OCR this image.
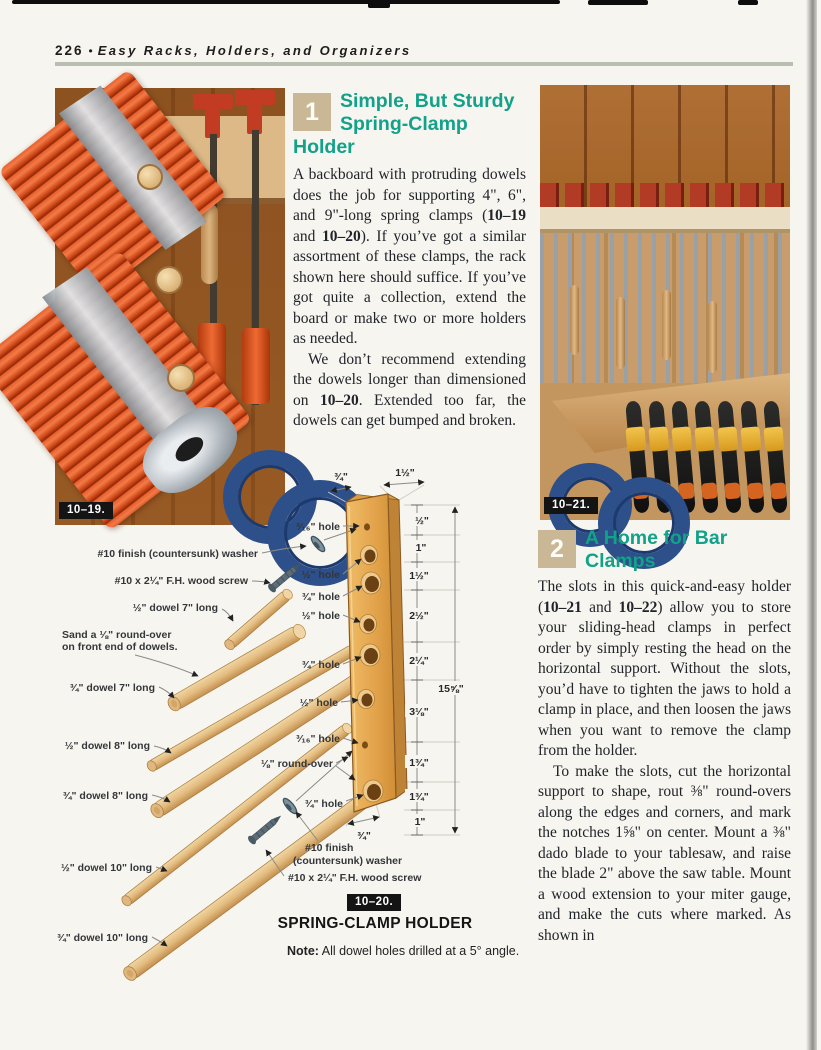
226 • Easy Racks, Holders, and Organizers
10–19.	10–21.
1	Simple, But Sturdy Spring-Clamp Holder

A backboard with protruding dowels does the job for supporting 4", 6", and 9"-long spring clamps (10–19 and 10–20). If you’ve got a similar assortment of these clamps, the rack shown here should suffice. If you’ve got quite a collection, extend the board or make two or more holders as needed.

We don’t recommend extending the dowels longer than dimensioned on 10–20. Extended too far, the dowels can get bumped and broken.

2	A Home for Bar Clamps

The slots in this quick-and-easy holder (10–21 and 10–22) allow you to store your sliding-head clamps in perfect order by simply resting the head on the horizontal support. Without the slots, you’d have to tighten the jaws to hold a clamp in place, and then loosen the jaws when you want to remove the clamp from the holder.

To make the slots, cut the horizontal support to shape, rout ⅜" round-overs along the edges and corners, and mark the notches 1⅝" on center. Mount a ⅜" dado blade to your tablesaw, and raise the blade 2" above the saw table. Mount a wood extension to your miter gauge, and make the cuts where marked. As shown in

#10 finish (countersunk) washer
#10 x 2¼" F.H. wood screw
½" dowel 7" long
Sand a ⅛" round-over
on front end of dowels.
¾" dowel 7" long
½" dowel 8" long
¾" dowel 8" long
½" dowel 10" long
¾" dowel 10" long
³⁄₁₆" hole
½" hole
¾" hole
½" hole
¾" hole
½" hole
³⁄₁₆" hole
⅛" round-over
¾" hole
#10 finish
(countersunk) washer
#10 x 2¼" F.H. wood screw
½"
1"
1½"
2½"
2¼"
3⅛"
1¾"
1¾"
1"
15⅝"
¾"	1½"
¾"
10–20.
SPRING-CLAMP HOLDER
Note: All dowel holes drilled at a 5° angle.
